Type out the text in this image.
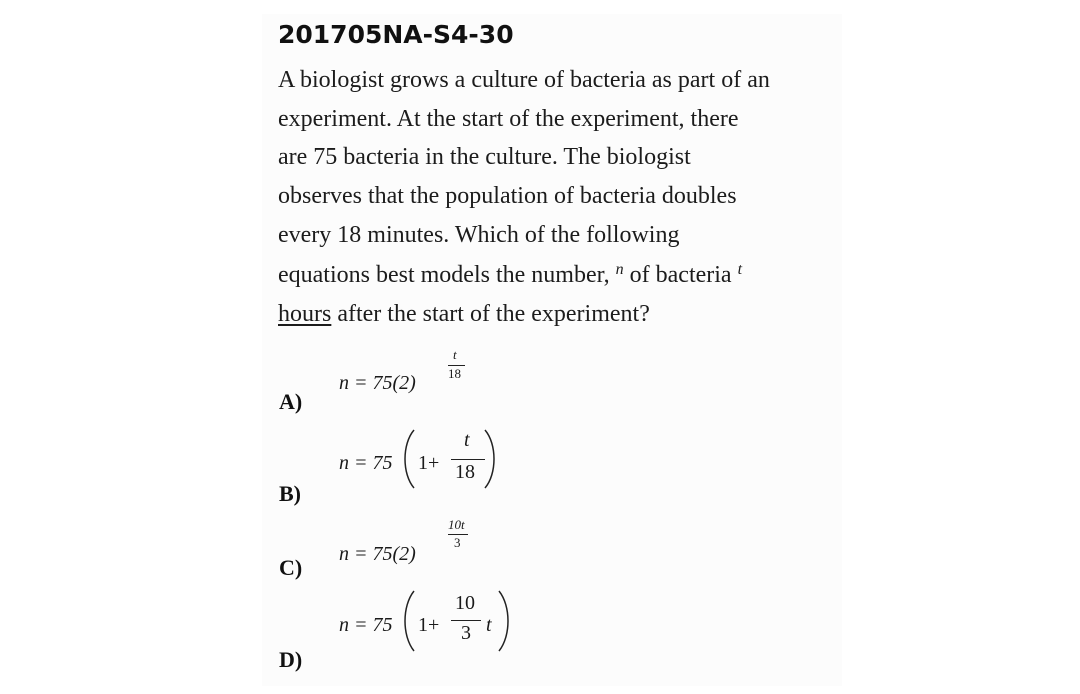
201705NA-S4-30
A biologist grows a culture of bacteria as part of an
experiment. At the start of the experiment, there
are 75 bacteria in the culture. The biologist
observes that the population of bacteria doubles
every 18 minutes. Which of the following
equations best models the number, $^n$ of bacteria $^t$
hours after the start of the experiment?
A)
n = 75(2)
t
18
B)
n = 75 1+
t
18
C)
n = 75(2)
10t
3
D)
n = 75 1+
10
3 t
